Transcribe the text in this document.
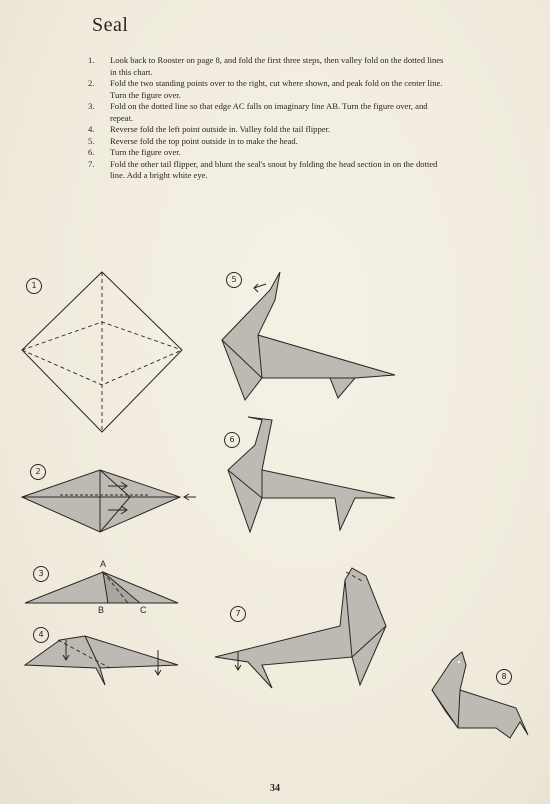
Seal
1. Look back to Rooster on page 8, and fold the first three steps, then valley fold on the dotted lines in this chart.
2. Fold the two standing points over to the right, cut where shown, and peak fold on the center line. Turn the figure over.
3. Fold on the dotted line so that edge AC falls on imaginary line AB. Turn the figure over, and repeat.
4. Reverse fold the left point outside in. Valley fold the tail flipper.
5. Reverse fold the top point outside in to make the head.
6. Turn the figure over.
7. Fold the other tail flipper, and blunt the seal's snout by folding the head section in on the dotted line. Add a bright white eye.
1
2
3
4
5
6
7
8
A
B	C
34
